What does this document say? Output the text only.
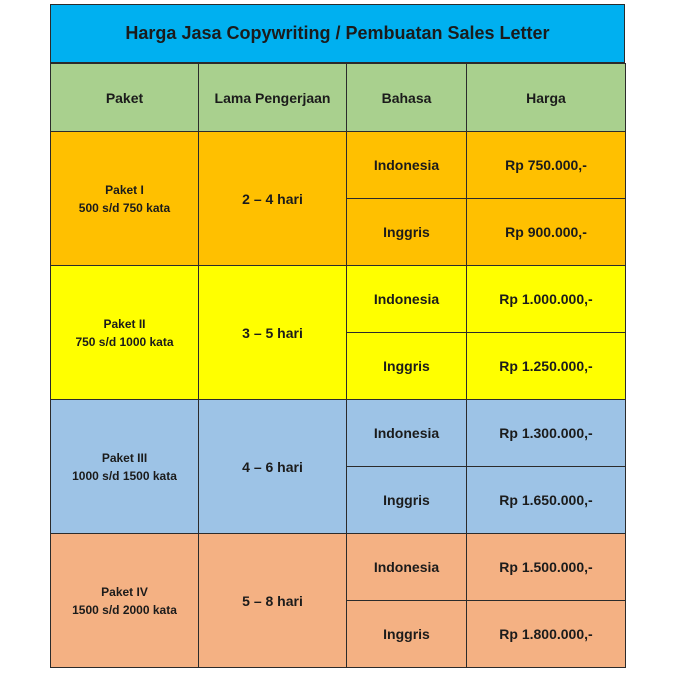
Harga Jasa Copywriting / Pembuatan Sales Letter
Paket	Lama Pengerjaan	Bahasa	Harga

Paket I
500 s/d 750 kata	2 – 4 hari	Indonesia	Rp 750.000,-
		Inggris	Rp 900.000,-

Paket II
750 s/d 1000 kata	3 – 5 hari	Indonesia	Rp 1.000.000,-
		Inggris	Rp 1.250.000,-

Paket III
1000 s/d 1500 kata	4 – 6 hari	Indonesia	Rp 1.300.000,-
		Inggris	Rp 1.650.000,-

Paket IV
1500 s/d 2000 kata	5 – 8 hari	Indonesia	Rp 1.500.000,-
		Inggris	Rp 1.800.000,-
